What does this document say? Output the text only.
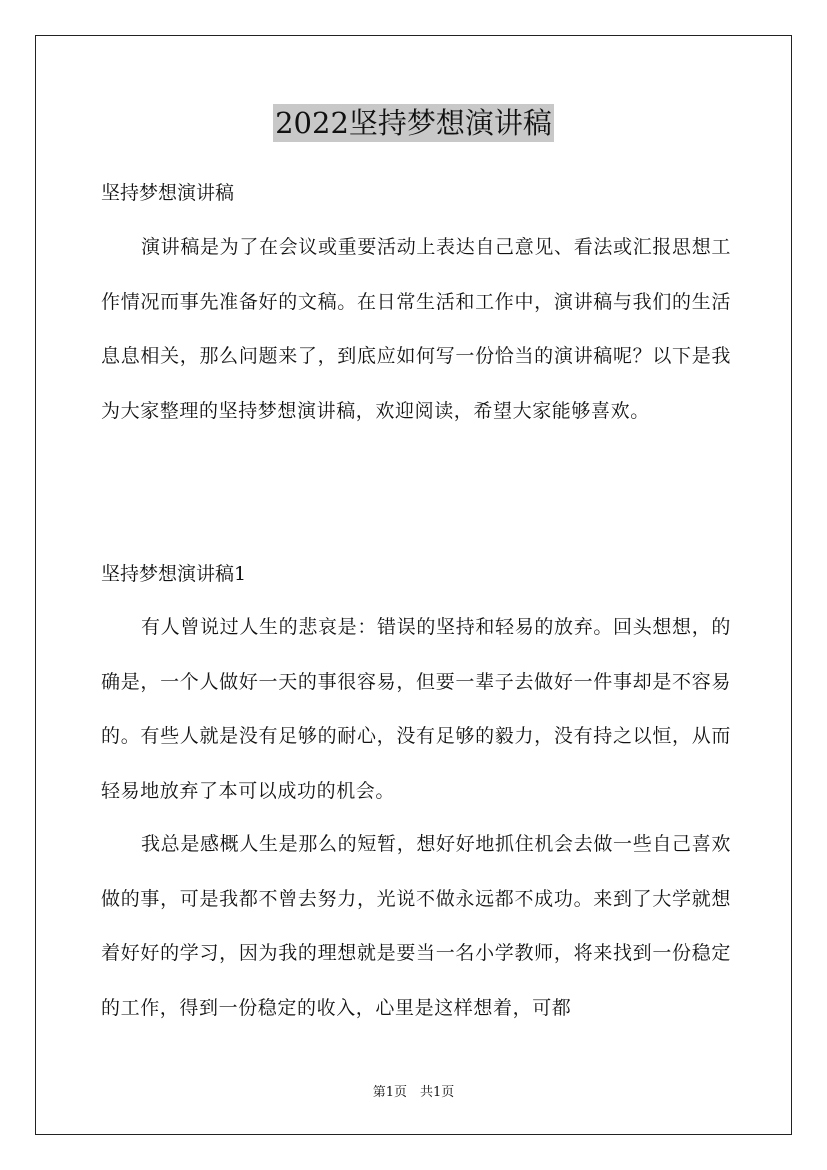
2022坚持梦想演讲稿
坚持梦想演讲稿

演讲稿是为了在会议或重要活动上表达自己意见、看法或汇报思想工作情况而事先准备好的文稿。在日常生活和工作中，演讲稿与我们的生活息息相关，那么问题来了，到底应如何写一份恰当的演讲稿呢？以下是我为大家整理的坚持梦想演讲稿，欢迎阅读，希望大家能够喜欢。

坚持梦想演讲稿1

有人曾说过人生的悲哀是：错误的坚持和轻易的放弃。回头想想，的确是，一个人做好一天的事很容易，但要一辈子去做好一件事却是不容易的。有些人就是没有足够的耐心，没有足够的毅力，没有持之以恒，从而轻易地放弃了本可以成功的机会。

我总是感概人生是那么的短暂，想好好地抓住机会去做一些自己喜欢做的事，可是我都不曾去努力，光说不做永远都不成功。来到了大学就想着好好的学习，因为我的理想就是要当一名小学教师，将来找到一份稳定的工作，得到一份稳定的收入，心里是这样想着，可都

第1页　共1页
